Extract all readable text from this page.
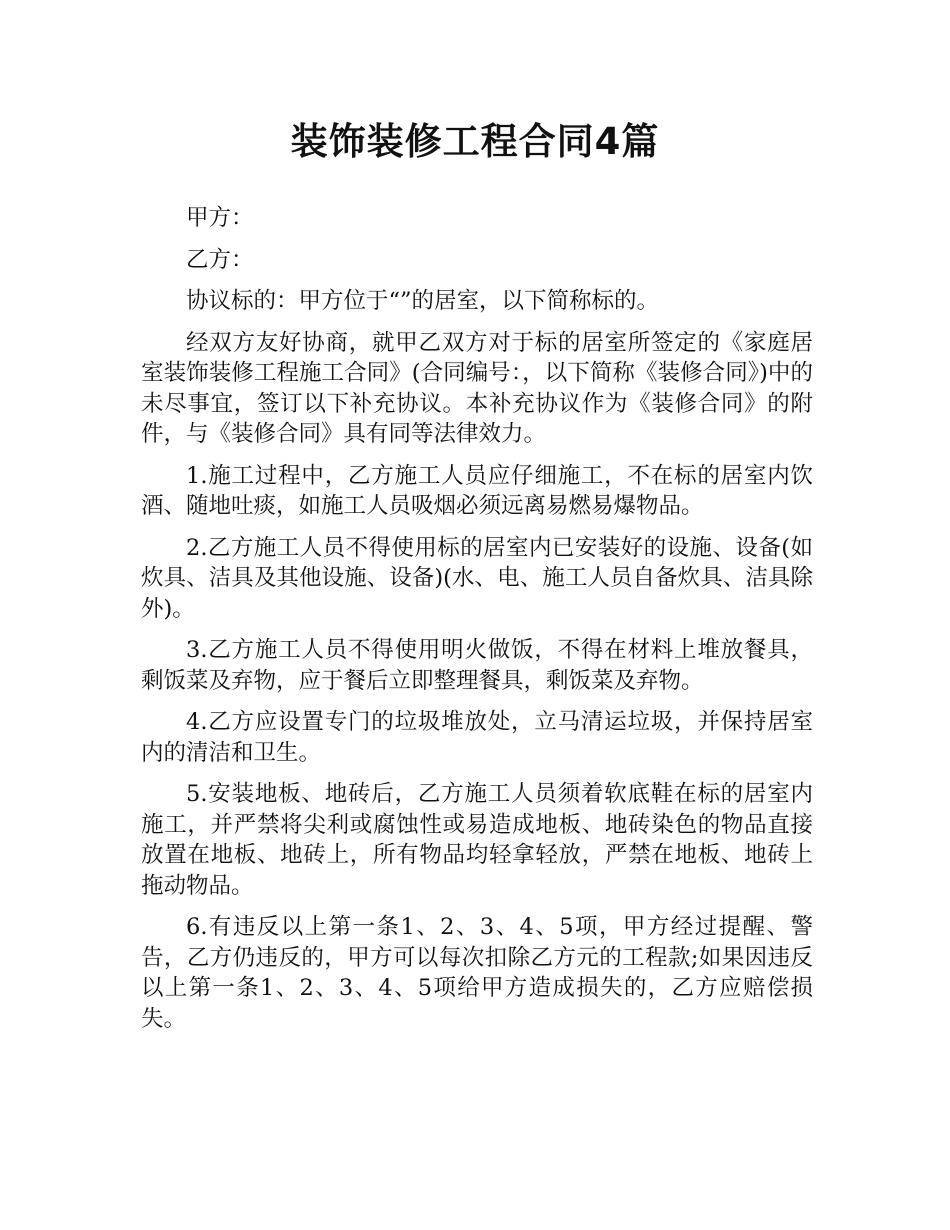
装饰装修工程合同4篇

甲方：

乙方：

协议标的：甲方位于“”的居室，以下简称标的。

经双方友好协商，就甲乙双方对于标的居室所签定的《家庭居室装饰装修工程施工合同》(合同编号：，以下简称《装修合同》)中的未尽事宜，签订以下补充协议。本补充协议作为《装修合同》的附件，与《装修合同》具有同等法律效力。

1.施工过程中，乙方施工人员应仔细施工，不在标的居室内饮酒、随地吐痰，如施工人员吸烟必须远离易燃易爆物品。

2.乙方施工人员不得使用标的居室内已安装好的设施、设备(如炊具、洁具及其他设施、设备)(水、电、施工人员自备炊具、洁具除外)。

3.乙方施工人员不得使用明火做饭，不得在材料上堆放餐具，剩饭菜及弃物，应于餐后立即整理餐具，剩饭菜及弃物。

4.乙方应设置专门的垃圾堆放处，立马清运垃圾，并保持居室内的清洁和卫生。

5.安装地板、地砖后，乙方施工人员须着软底鞋在标的居室内施工，并严禁将尖利或腐蚀性或易造成地板、地砖染色的物品直接放置在地板、地砖上，所有物品均轻拿轻放，严禁在地板、地砖上拖动物品。

6.有违反以上第一条1、2、3、4、5项，甲方经过提醒、警告，乙方仍违反的，甲方可以每次扣除乙方元的工程款;如果因违反以上第一条1、2、3、4、5项给甲方造成损失的，乙方应赔偿损失。
